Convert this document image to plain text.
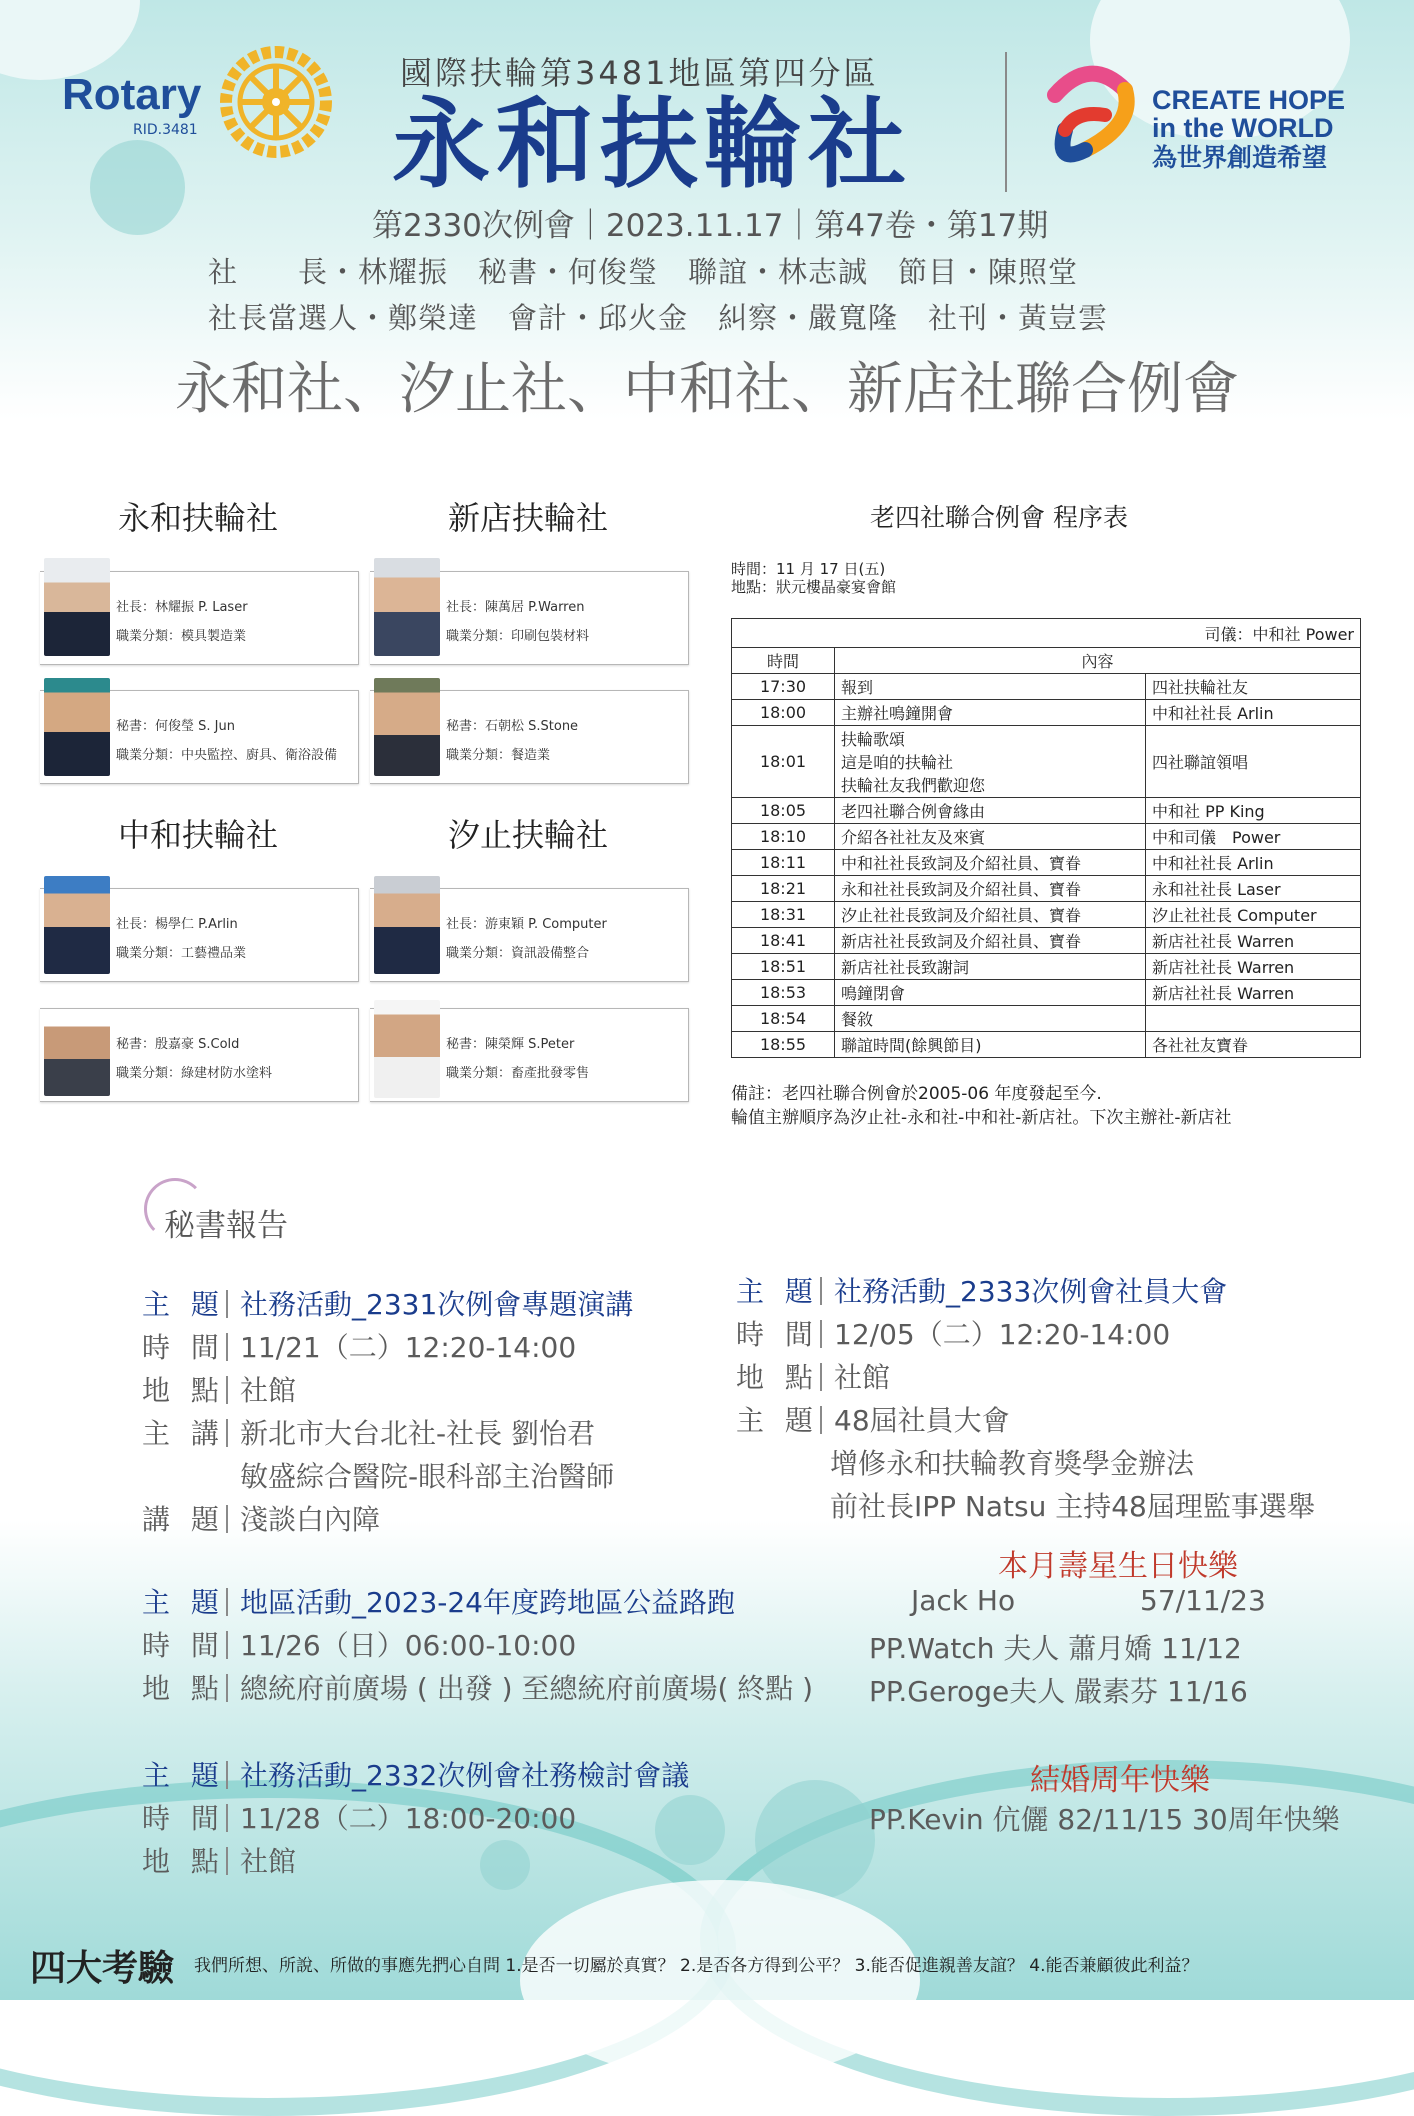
Rotary
RID.3481
國際扶輪第3481地區第四分區
永和扶輪社	CREATE HOPE
in the WORLD
為世界創造希望
第2330次例會｜2023.11.17｜第47卷・第17期
社　　長・林耀振　秘書・何俊瑩　聯誼・林志誠　節目・陳照堂
社長當選人・鄭榮達　會計・邱火金　糾察・嚴寬隆　社刊・黃豈雲
永和社、汐止社、中和社、新店社聯合例會
永和扶輪社	新店扶輪社
中和扶輪社	汐止扶輪社
社長：林耀振 P. Laser
職業分類：模具製造業
秘書：何俊瑩 S. Jun
職業分類：中央監控、廚具、衛浴設備
社長：陳萬居 P.Warren
職業分類：印刷包裝材料
秘書：石朝松 S.Stone
職業分類：餐造業
社長：楊學仁 P.Arlin
職業分類：工藝禮品業
秘書：殷嘉豪 S.Cold
職業分類：綠建材防水塗料
社長：游東穎 P. Computer
職業分類：資訊設備整合
秘書：陳榮輝 S.Peter
職業分類：畜產批發零售
老四社聯合例會 程序表
時間：11 月 17 日(五)
地點：狀元樓晶豪宴會館
司儀：中和社 Power		
時間	內容	
17:30	報到	四社扶輪社友
18:00	主辦社鳴鐘開會	中和社社長 Arlin
18:01	扶輪歌頌
這是咱的扶輪社
扶輪社友我們歡迎您	四社聯誼領唱
18:05	老四社聯合例會緣由	中和社 PP King
18:10	介紹各社社友及來賓	中和司儀　Power
18:11	中和社社長致詞及介紹社員、寶眷	中和社社長 Arlin
18:21	永和社社長致詞及介紹社員、寶眷	永和社社長 Laser
18:31	汐止社社長致詞及介紹社員、寶眷	汐止社社長 Computer
18:41	新店社社長致詞及介紹社員、寶眷	新店社社長 Warren
18:51	新店社社長致謝詞	新店社社長 Warren
18:53	鳴鐘閉會	新店社社長 Warren
18:54	餐敘	

18:55	聯誼時間(餘興節目)	各社社友寶眷
備註：老四社聯合例會於2005-06 年度發起至今.
輪值主辦順序為汐止社-永和社-中和社-新店社。下次主辦社-新店社
秘書報告
主 題 社務活動_2331次例會專題演講
時 間 11/21（二）12:20-14:00
地 點 社館
主 講 新北市大台北社-社長 劉怡君
敏盛綜合醫院-眼科部主治醫師
講 題 淺談白內障
主 題 社務活動_2333次例會社員大會
時 間 12/05（二）12:20-14:00
地 點 社館
主 題 48屆社員大會
增修永和扶輪教育獎學金辦法
前社長IPP Natsu 主持48屆理監事選舉
主 題 地區活動_2023-24年度跨地區公益路跑
時 間 11/26（日）06:00-10:00
地 點 總統府前廣場 ( 出發 ) 至總統府前廣場( 終點 )
主 題 社務活動_2332次例會社務檢討會議
時 間 11/28（二）18:00-20:00
地 點 社館
本月壽星生日快樂
Jack Ho	57/11/23
PP.Watch 夫人 蕭月嬌 11/12
PP.Geroge夫人 嚴素芬 11/16
結婚周年快樂
PP.Kevin 伉儷 82/11/15 30周年快樂
四大考驗 我們所想、所說、所做的事應先捫心自問 1.是否一切屬於真實？ 2.是否各方得到公平？ 3.能否促進親善友誼？ 4.能否兼顧彼此利益？
